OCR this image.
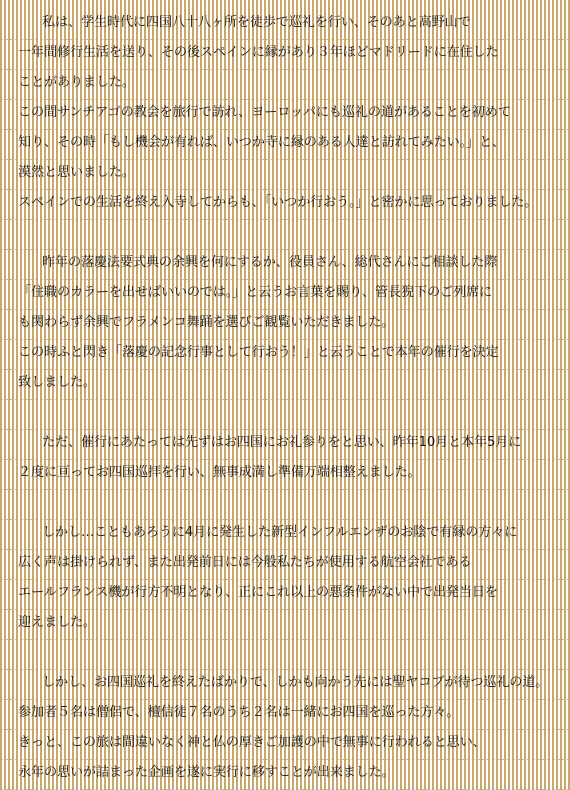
私は、学生時代に四国八十八ヶ所を徒歩で巡礼を行い、そのあと高野山で
一年間修行生活を送り、その後スペインに縁があり３年ほどマドリードに在住した
ことがありました。
この間サンチアゴの教会を旅行で訪れ、ヨーロッパにも巡礼の道があることを初めて
知り、その時「もし機会が有れば、いつか寺に縁のある人達と訪れてみたい。」と、
漠然と思いました。
スペインでの生活を終え入寺してからも、「いつか行おう。」と密かに思っておりました。
昨年の落慶法要式典の余興を何にするか、役員さん、総代さんにご相談した際
「住職のカラーを出せばいいのでは。」と云うお言葉を賜り、管長猊下のご列席に
も関わらず余興でフラメンコ舞踊を選びご観覧いただきました。
この時ふと閃き「落慶の記念行事として行おう！」と云うことで本年の催行を決定
致しました。
ただ、催行にあたっては先ずはお四国にお礼参りをと思い、昨年10月と本年5月に
２度に亘ってお四国巡拝を行い、無事成満し準備万端相整えました。
しかし…こともあろうに4月に発生した新型インフルエンザのお陰で有縁の方々に
広く声は掛けられず、また出発前日には今般私たちが使用する航空会社である
エールフランス機が行方不明となり、正にこれ以上の悪条件がない中で出発当日を
迎えました。
しかし、お四国巡礼を終えたばかりで、しかも向かう先には聖ヤコブが待つ巡礼の道。
参加者５名は僧侶で、檀信徒７名のうち２名は一緒にお四国を巡った方々。
きっと、この旅は間違いなく神と仏の厚きご加護の中で無事に行われると思い、
永年の思いが詰まった企画を遂に実行に移すことが出来ました。
